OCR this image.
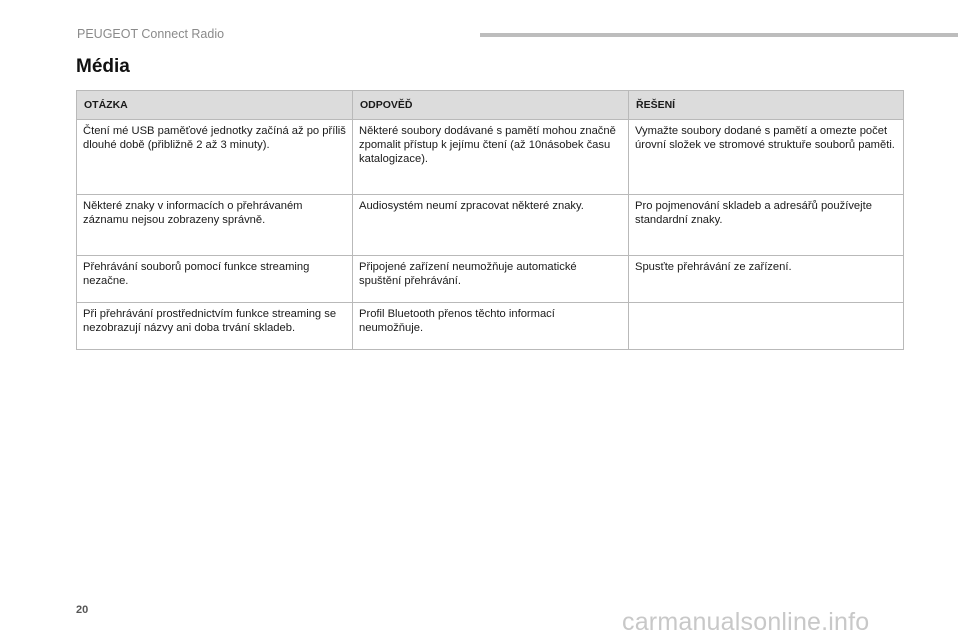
PEUGEOT Connect Radio
Média
OTÁZKA	ODPOVĚĎ	ŘEŠENÍ
Čtení mé USB paměťové jednotky začíná až po příliš dlouhé době (přibližně 2 až 3 minuty).	Některé soubory dodávané s pamětí mohou značně zpomalit přístup k jejímu čtení (až 10násobek času katalogizace).	Vymažte soubory dodané s pamětí a omezte počet úrovní složek ve stromové struktuře souborů paměti.
Některé znaky v informacích o přehrávaném záznamu nejsou zobrazeny správně.	Audiosystém neumí zpracovat některé znaky.	Pro pojmenování skladeb a adresářů používejte standardní znaky.
Přehrávání souborů pomocí funkce streaming nezačne.	Připojené zařízení neumožňuje automatické spuštění přehrávání.	Spusťte přehrávání ze zařízení.
Při přehrávání prostřednictvím funkce streaming se nezobrazují názvy ani doba trvání skladeb.	Profil Bluetooth přenos těchto informací neumožňuje.	
20	carmanualsonline.info
